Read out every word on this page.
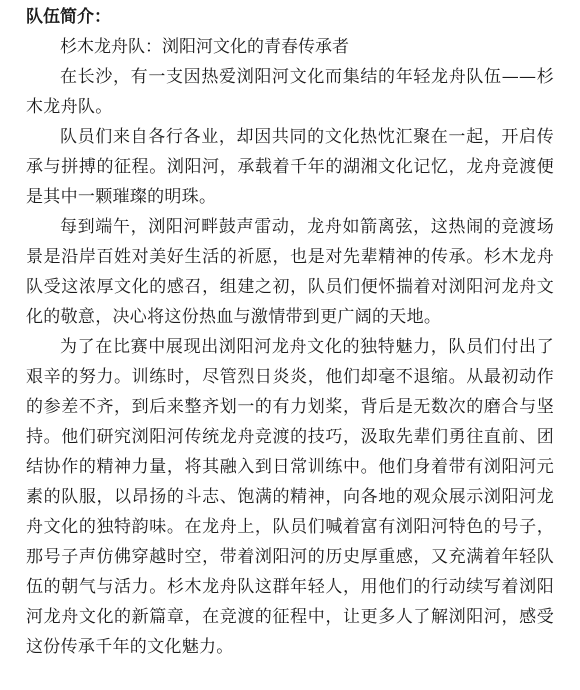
队伍简介：

杉木龙舟队：浏阳河文化的青春传承者

在长沙，有一支因热爱浏阳河文化而集结的年轻龙舟队伍——杉木龙舟队。

队员们来自各行各业，却因共同的文化热忱汇聚在一起，开启传承与拼搏的征程。浏阳河，承载着千年的湖湘文化记忆，龙舟竞渡便是其中一颗璀璨的明珠。

每到端午，浏阳河畔鼓声雷动，龙舟如箭离弦，这热闹的竞渡场景是沿岸百姓对美好生活的祈愿，也是对先辈精神的传承。杉木龙舟队受这浓厚文化的感召，组建之初，队员们便怀揣着对浏阳河龙舟文化的敬意，决心将这份热血与激情带到更广阔的天地。

为了在比赛中展现出浏阳河龙舟文化的独特魅力，队员们付出了艰辛的努力。训练时，尽管烈日炎炎，他们却毫不退缩。从最初动作的参差不齐，到后来整齐划一的有力划桨，背后是无数次的磨合与坚持。他们研究浏阳河传统龙舟竞渡的技巧，汲取先辈们勇往直前、团结协作的精神力量，将其融入到日常训练中。他们身着带有浏阳河元素的队服，以昂扬的斗志、饱满的精神，向各地的观众展示浏阳河龙舟文化的独特韵味。在龙舟上，队员们喊着富有浏阳河特色的号子，那号子声仿佛穿越时空，带着浏阳河的历史厚重感，又充满着年轻队伍的朝气与活力。杉木龙舟队这群年轻人，用他们的行动续写着浏阳河龙舟文化的新篇章，在竞渡的征程中，让更多人了解浏阳河，感受这份传承千年的文化魅力。
